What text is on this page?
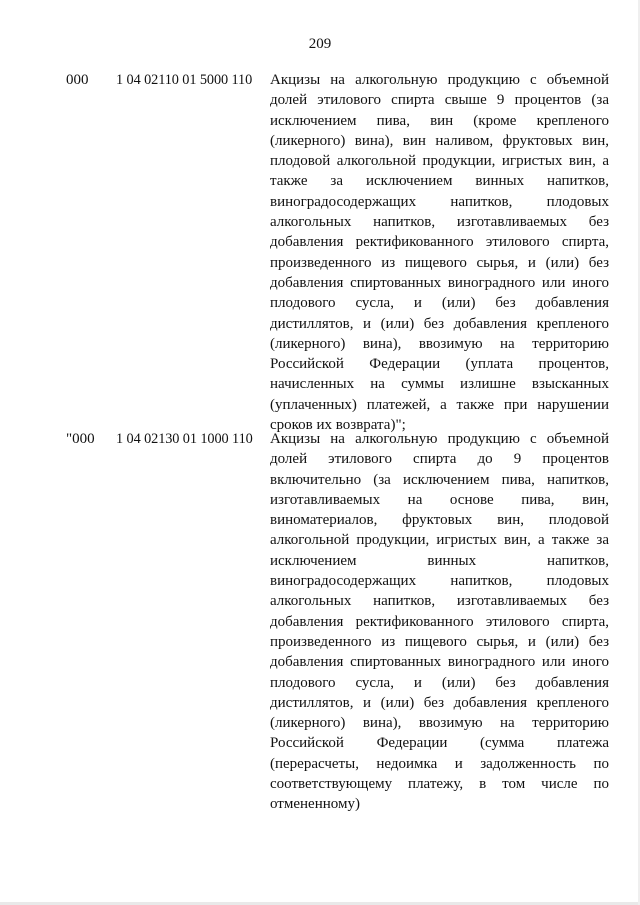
209
000 1 04 02110 01 5000 110 Акцизы на алкогольную продукцию с объемной
долей этилового спирта свыше 9 процентов (за
исключением пива, вин (кроме крепленого
(ликерного) вина), вин наливом, фруктовых вин,
плодовой алкогольной продукции, игристых вин, а
также за исключением винных напитков,
виноградосодержащих напитков, плодовых
алкогольных напитков, изготавливаемых без
добавления ректификованного этилового спирта,
произведенного из пищевого сырья, и (или) без
добавления спиртованных виноградного или иного
плодового сусла, и (или) без добавления
дистиллятов, и (или) без добавления крепленого
(ликерного) вина), ввозимую на территорию
Российской Федерации (уплата процентов,
начисленных на суммы излишне взысканных
(уплаченных) платежей, а также при нарушении
сроков их возврата)";
"000 1 04 02130 01 1000 110 Акцизы на алкогольную продукцию с объемной
долей этилового спирта до 9 процентов
включительно (за исключением пива, напитков,
изготавливаемых на основе пива, вин,
виноматериалов, фруктовых вин, плодовой
алкогольной продукции, игристых вин, а также за
исключением винных напитков,
виноградосодержащих напитков, плодовых
алкогольных напитков, изготавливаемых без
добавления ректификованного этилового спирта,
произведенного из пищевого сырья, и (или) без
добавления спиртованных виноградного или иного
плодового сусла, и (или) без добавления
дистиллятов, и (или) без добавления крепленого
(ликерного) вина), ввозимую на территорию
Российской Федерации (сумма платежа
(перерасчеты, недоимка и задолженность по
соответствующему платежу, в том числе по
отмененному)
